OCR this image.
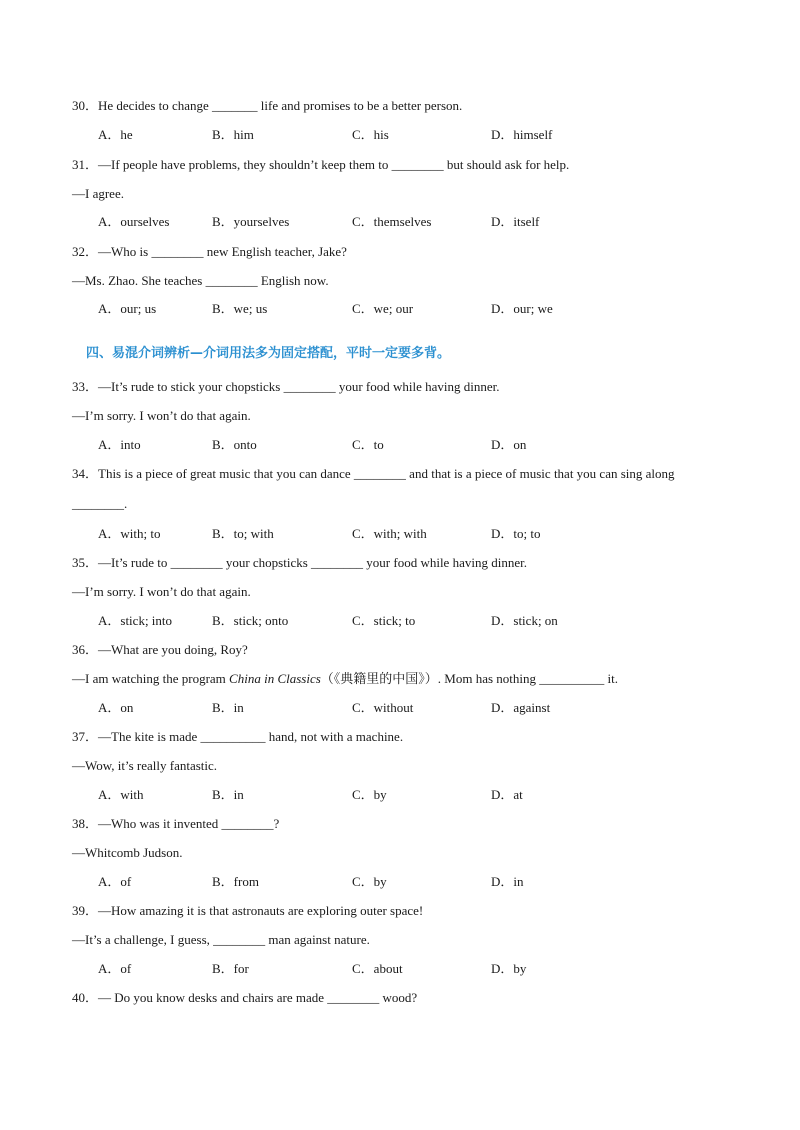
30．He decides to change _______ life and promises to be a better person.
A．he	B．him	C．his	D．himself
31．—If people have problems, they shouldn’t keep them to ________ but should ask for help.
—I agree.
A．ourselves	B．yourselves	C．themselves	D．itself
32．—Who is ________ new English teacher, Jake?
—Ms. Zhao. She teaches ________ English now.
A．our; us	B．we; us	C．we; our	D．our; we
四、易混介词辨析—介词用法多为固定搭配，平时一定要多背。
33．—It’s rude to stick your chopsticks ________ your food while having dinner.
—I’m sorry. I won’t do that again.
A．into	B．onto	C．to	D．on
34．This is a piece of great music that you can dance ________ and that is a piece of music that you can sing along
________.
A．with; to	B．to; with	C．with; with	D．to; to
35．—It’s rude to ________ your chopsticks ________ your food while having dinner.
—I’m sorry. I won’t do that again.
A．stick; into	B．stick; onto	C．stick; to	D．stick; on
36．—What are you doing, Roy?
—I am watching the program China in Classics（《典籍里的中国》）. Mom has nothing __________ it.
A．on	B．in	C．without	D．against
37．—The kite is made __________ hand, not with a machine.
—Wow, it’s really fantastic.
A．with	B．in	C．by	D．at
38．—Who was it invented ________?
—Whitcomb Judson.
A．of	B．from	C．by	D．in
39．—How amazing it is that astronauts are exploring outer space!
—It’s a challenge, I guess, ________ man against nature.
A．of	B．for	C．about	D．by
40．— Do you know desks and chairs are made ________ wood?
